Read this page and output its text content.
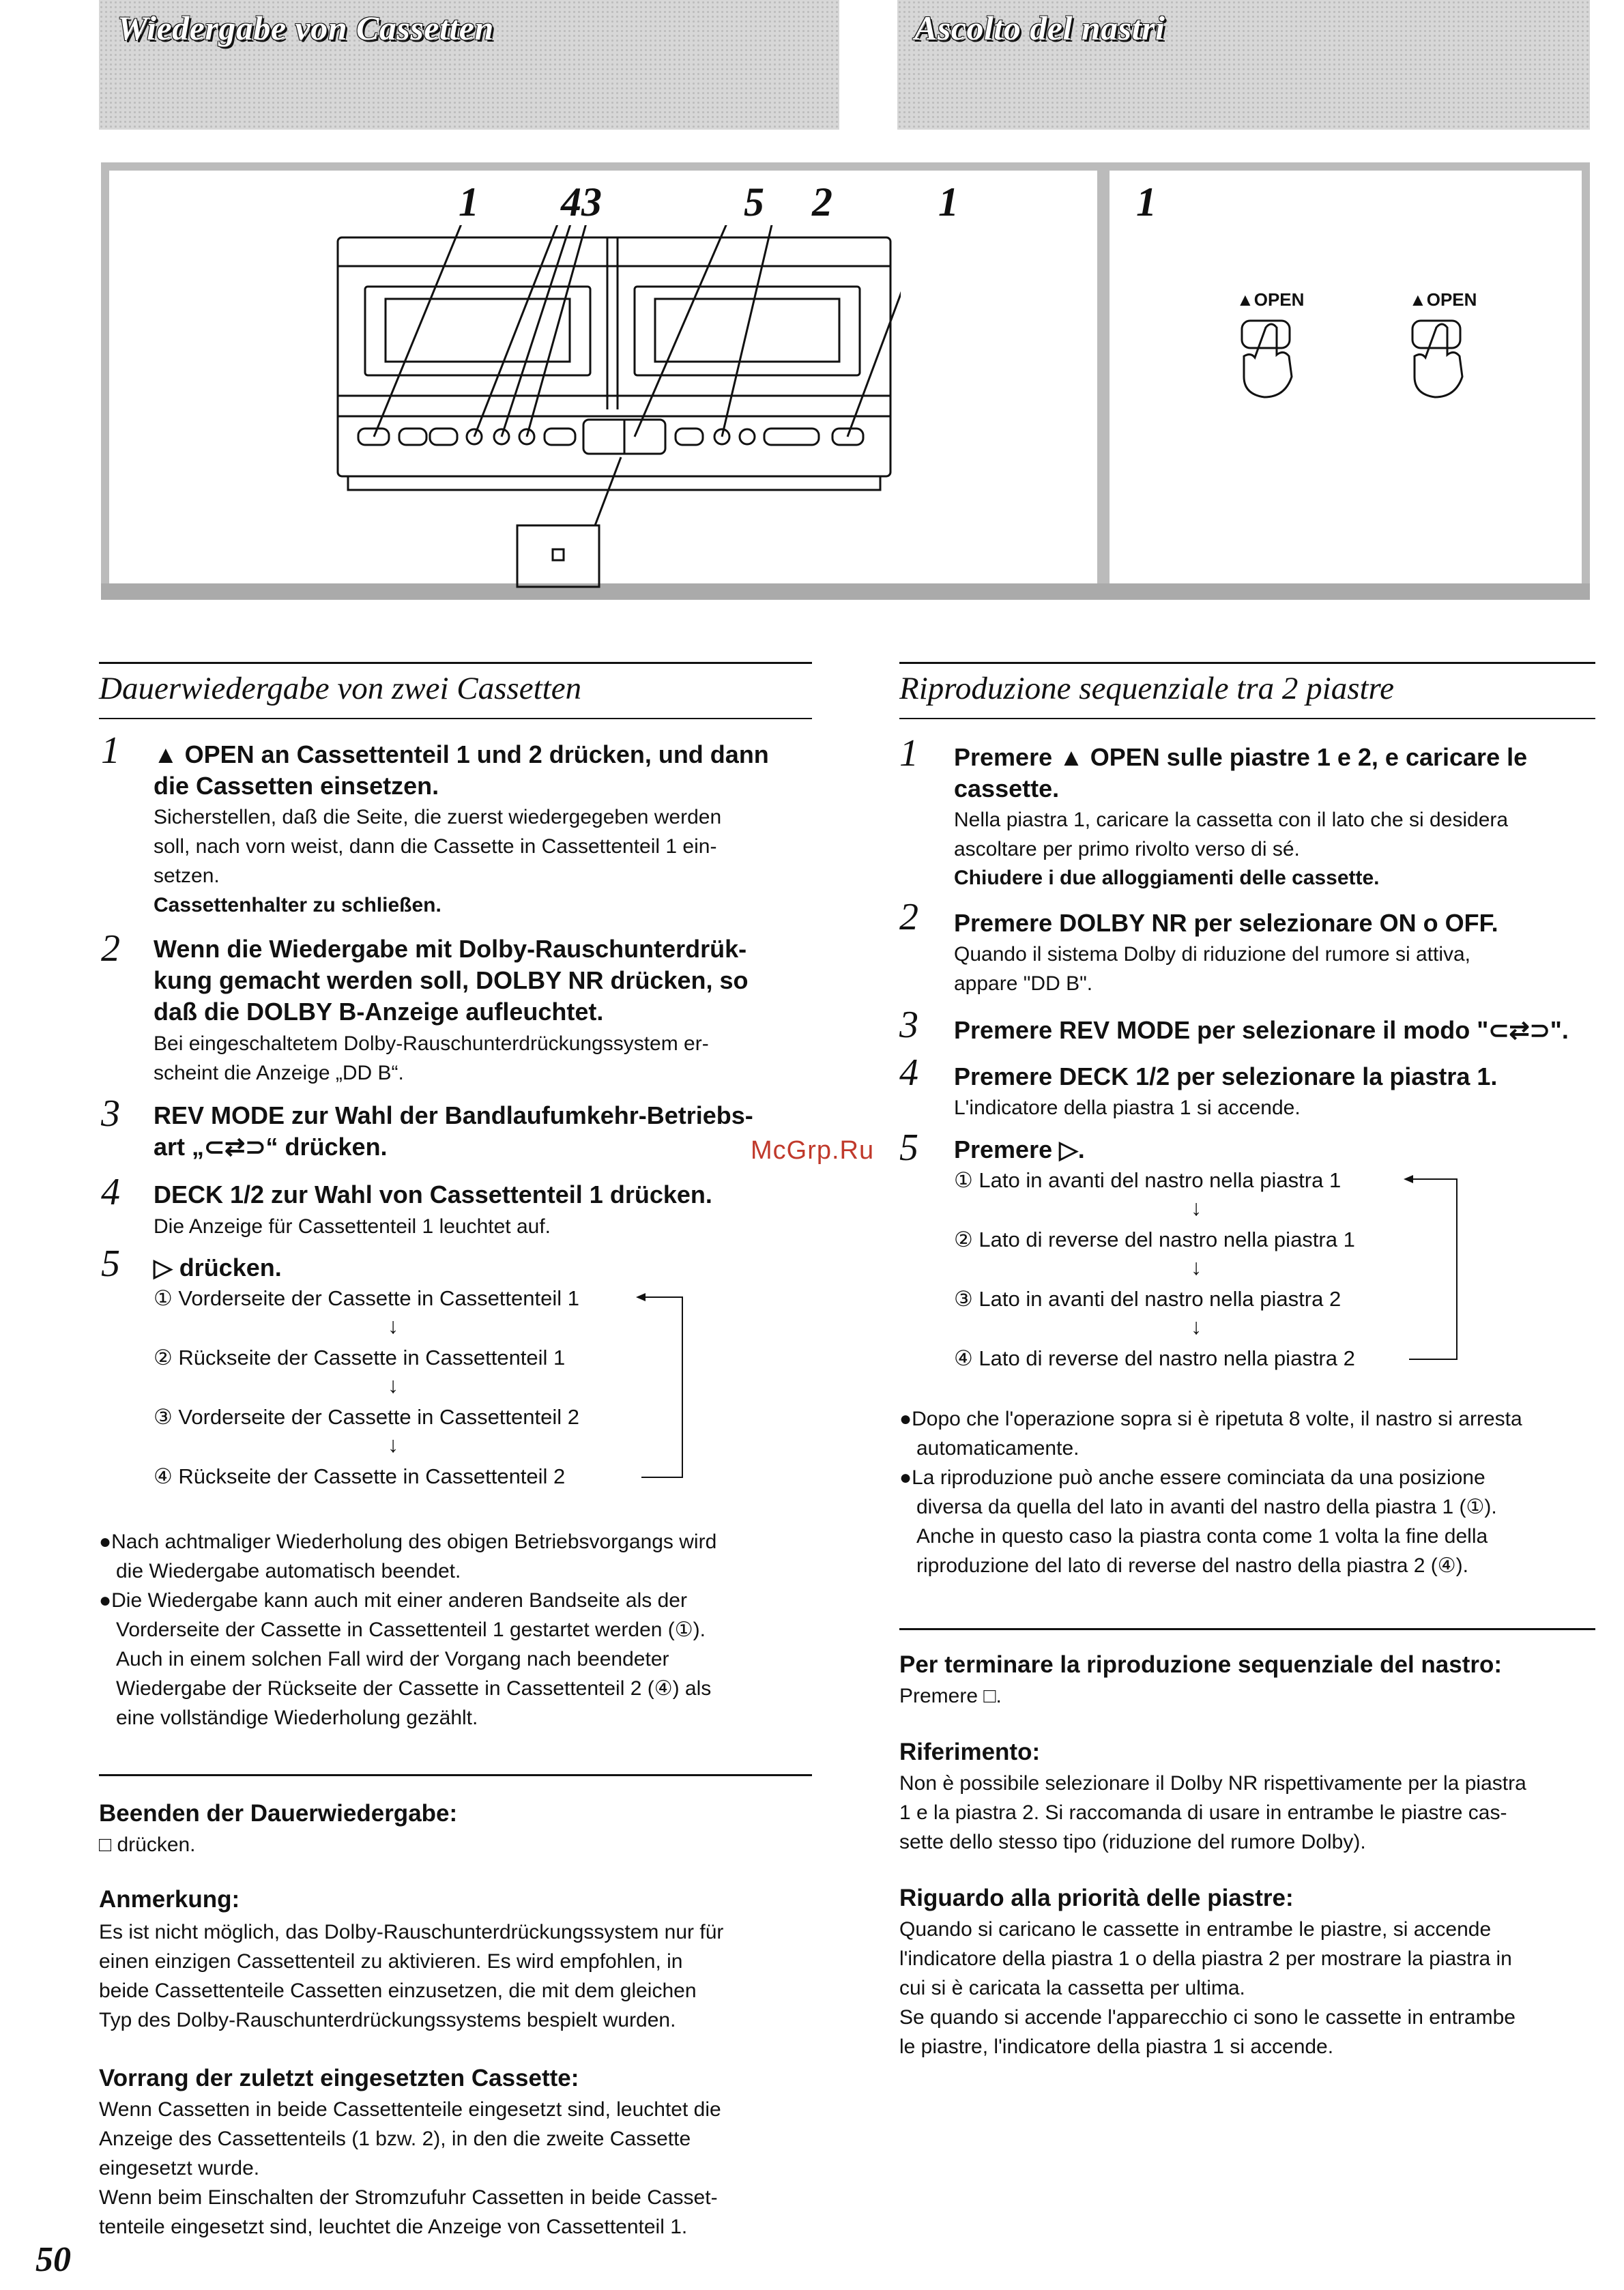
Wiedergabe von Cassetten	Ascolto del nastri
1 43	5 2	1	1
▲OPEN	▲OPEN
Dauerwiedergabe von zwei Cassetten
1 ▲ OPEN an Cassettenteil 1 und 2 drücken, und dann
die Cassetten einsetzen.
Sicherstellen, daß die Seite, die zuerst wiedergegeben werden
soll, nach vorn weist, dann die Cassette in Cassettenteil 1 ein-
setzen.
Cassettenhalter zu schließen.
2 Wenn die Wiedergabe mit Dolby-Rauschunterdrük-
kung gemacht werden soll, DOLBY NR drücken, so
daß die DOLBY B-Anzeige aufleuchtet.
Bei eingeschaltetem Dolby-Rauschunterdrückungssystem er-
scheint die Anzeige „DD B“.
3 REV MODE zur Wahl der Bandlaufumkehr-Betriebs-
art „⊂⇄⊃“ drücken.
4 DECK 1/2 zur Wahl von Cassettenteil 1 drücken.
Die Anzeige für Cassettenteil 1 leuchtet auf.
5 ▷ drücken.
① Vorderseite der Cassette in Cassettenteil 1
↓
② Rückseite der Cassette in Cassettenteil 1
↓
③ Vorderseite der Cassette in Cassettenteil 2
↓
④ Rückseite der Cassette in Cassettenteil 2
●Nach achtmaliger Wiederholung des obigen Betriebsvorgangs wird
die Wiedergabe automatisch beendet.
●Die Wiedergabe kann auch mit einer anderen Bandseite als der
Vorderseite der Cassette in Cassettenteil 1 gestartet werden (①).
Auch in einem solchen Fall wird der Vorgang nach beendeter
Wiedergabe der Rückseite der Cassette in Cassettenteil 2 (④) als
eine vollständige Wiederholung gezählt.
Beenden der Dauerwiedergabe:
□ drücken.
Anmerkung:
Es ist nicht möglich, das Dolby-Rauschunterdrückungssystem nur für
einen einzigen Cassettenteil zu aktivieren. Es wird empfohlen, in
beide Cassettenteile Cassetten einzusetzen, die mit dem gleichen
Typ des Dolby-Rauschunterdrückungssystems bespielt wurden.
Vorrang der zuletzt eingesetzten Cassette:
Wenn Cassetten in beide Cassettenteile eingesetzt sind, leuchtet die
Anzeige des Cassettenteils (1 bzw. 2), in den die zweite Cassette
eingesetzt wurde.
Wenn beim Einschalten der Stromzufuhr Cassetten in beide Casset-
tenteile eingesetzt sind, leuchtet die Anzeige von Cassettenteil 1.
Riproduzione sequenziale tra 2 piastre
1 Premere ▲ OPEN sulle piastre 1 e 2, e caricare le
cassette.
Nella piastra 1, caricare la cassetta con il lato che si desidera
ascoltare per primo rivolto verso di sé.
Chiudere i due alloggiamenti delle cassette.
2 Premere DOLBY NR per selezionare ON o OFF.
Quando il sistema Dolby di riduzione del rumore si attiva,
appare "DD B".
3 Premere REV MODE per selezionare il modo "⊂⇄⊃".
4 Premere DECK 1/2 per selezionare la piastra 1.
L'indicatore della piastra 1 si accende.
5 Premere ▷.
① Lato in avanti del nastro nella piastra 1
↓
② Lato di reverse del nastro nella piastra 1
↓
③ Lato in avanti del nastro nella piastra 2
↓
④ Lato di reverse del nastro nella piastra 2
●Dopo che l'operazione sopra si è ripetuta 8 volte, il nastro si arresta
automaticamente.
●La riproduzione può anche essere cominciata da una posizione
diversa da quella del lato in avanti del nastro della piastra 1 (①).
Anche in questo caso la piastra conta come 1 volta la fine della
riproduzione del lato di reverse del nastro della piastra 2 (④).
Per terminare la riproduzione sequenziale del nastro:
Premere □.
Riferimento:
Non è possibile selezionare il Dolby NR rispettivamente per la piastra
1 e la piastra 2. Si raccomanda di usare in entrambe le piastre cas-
sette dello stesso tipo (riduzione del rumore Dolby).
Riguardo alla priorità delle piastre:
Quando si caricano le cassette in entrambe le piastre, si accende
l'indicatore della piastra 1 o della piastra 2 per mostrare la piastra in
cui si è caricata la cassetta per ultima.
Se quando si accende l'apparecchio ci sono le cassette in entrambe
le piastre, l'indicatore della piastra 1 si accende.
McGrp.Ru
50
